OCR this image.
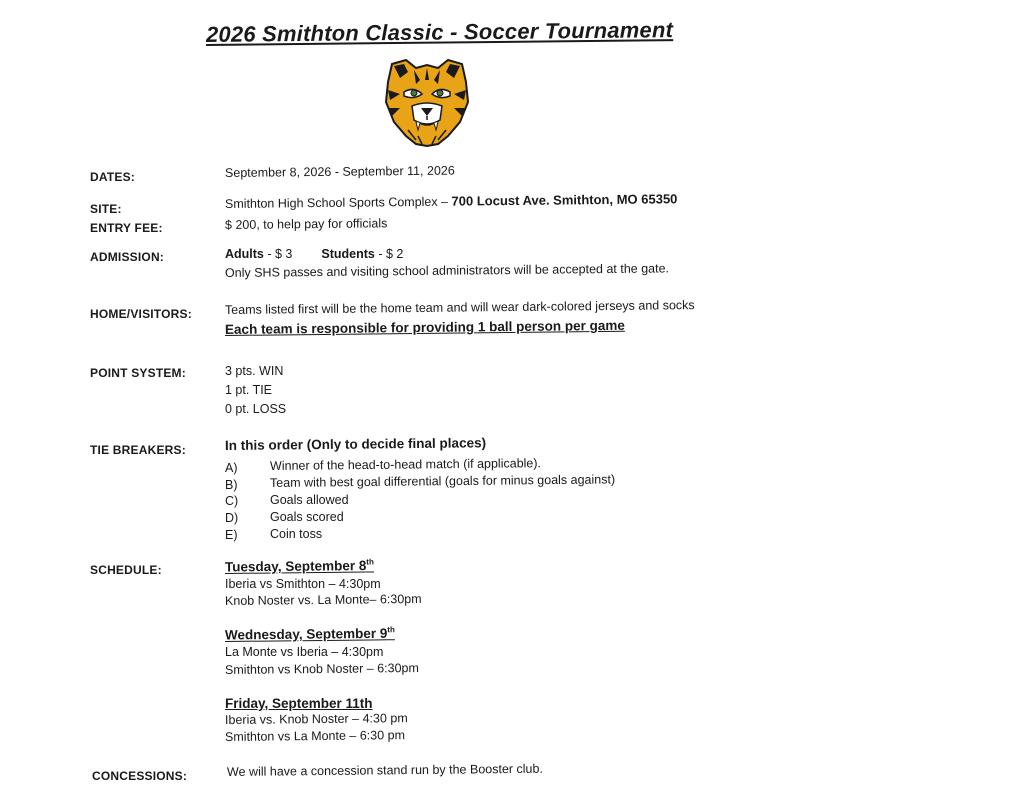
2026 Smithton Classic - Soccer Tournament
DATES:	September 8, 2026 - September 11, 2026
SITE:	Smithton High School Sports Complex – 700 Locust Ave. Smithton, MO 65350
ENTRY FEE:	$ 200, to help pay for officials
ADMISSION:	Adults - $ 3 Students - $ 2
Only SHS passes and visiting school administrators will be accepted at the gate.
HOME/VISITORS:	Teams listed first will be the home team and will wear dark-colored jerseys and socks
Each team is responsible for providing 1 ball person per game
POINT SYSTEM:	3 pts. WIN
1 pt. TIE
0 pt. LOSS
TIE BREAKERS:	In this order (Only to decide final places)
A)	Winner of the head-to-head match (if applicable).
B)	Team with best goal differential (goals for minus goals against)
C)	Goals allowed
D)	Goals scored
E)	Coin toss
SCHEDULE:	Tuesday, September 8th
Iberia vs Smithton – 4:30pm
Knob Noster vs. La Monte– 6:30pm
Wednesday, September 9th
La Monte vs Iberia – 4:30pm
Smithton vs Knob Noster – 6:30pm
Friday, September 11th
Iberia vs. Knob Noster – 4:30 pm
Smithton vs La Monte – 6:30 pm
CONCESSIONS:	We will have a concession stand run by the Booster club.
